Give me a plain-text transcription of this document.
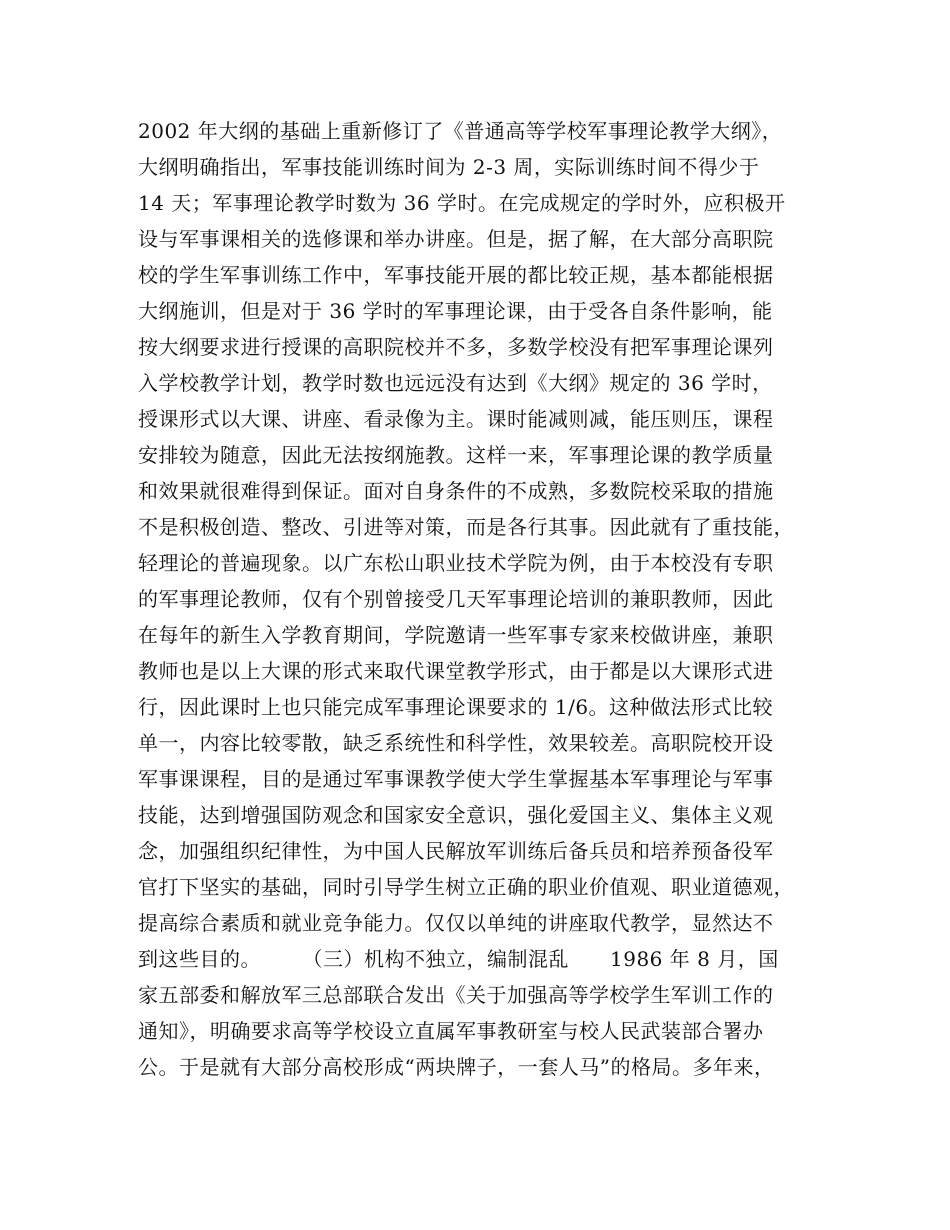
2002 年大纲的基础上重新修订了《普通高等学校军事理论教学大纲》，
大纲明确指出，军事技能训练时间为 2-3 周，实际训练时间不得少于
14 天；军事理论教学时数为 36 学时。在完成规定的学时外，应积极开
设与军事课相关的选修课和举办讲座。但是，据了解，在大部分高职院
校的学生军事训练工作中，军事技能开展的都比较正规，基本都能根据
大纲施训，但是对于 36 学时的军事理论课，由于受各自条件影响，能
按大纲要求进行授课的高职院校并不多，多数学校没有把军事理论课列
入学校教学计划，教学时数也远远没有达到《大纲》规定的 36 学时，
授课形式以大课、讲座、看录像为主。课时能减则减，能压则压，课程
安排较为随意，因此无法按纲施教。这样一来，军事理论课的教学质量
和效果就很难得到保证。面对自身条件的不成熟，多数院校采取的措施
不是积极创造、整改、引进等对策，而是各行其事。因此就有了重技能，
轻理论的普遍现象。以广东松山职业技术学院为例，由于本校没有专职
的军事理论教师，仅有个别曾接受几天军事理论培训的兼职教师，因此
在每年的新生入学教育期间，学院邀请一些军事专家来校做讲座，兼职
教师也是以上大课的形式来取代课堂教学形式，由于都是以大课形式进
行，因此课时上也只能完成军事理论课要求的 1/6。这种做法形式比较
单一，内容比较零散，缺乏系统性和科学性，效果较差。高职院校开设
军事课课程，目的是通过军事课教学使大学生掌握基本军事理论与军事
技能，达到增强国防观念和国家安全意识，强化爱国主义、集体主义观
念，加强组织纪律性，为中国人民解放军训练后备兵员和培养预备役军
官打下坚实的基础，同时引导学生树立正确的职业价值观、职业道德观，
提高综合素质和就业竞争能力。仅仅以单纯的讲座取代教学，显然达不
到这些目的。　　　（三）机构不独立，编制混乱　　1986 年 8 月，国
家五部委和解放军三总部联合发出《关于加强高等学校学生军训工作的
通知》，明确要求高等学校设立直属军事教研室与校人民武装部合署办
公。于是就有大部分高校形成“两块牌子，一套人马”的格局。多年来，
